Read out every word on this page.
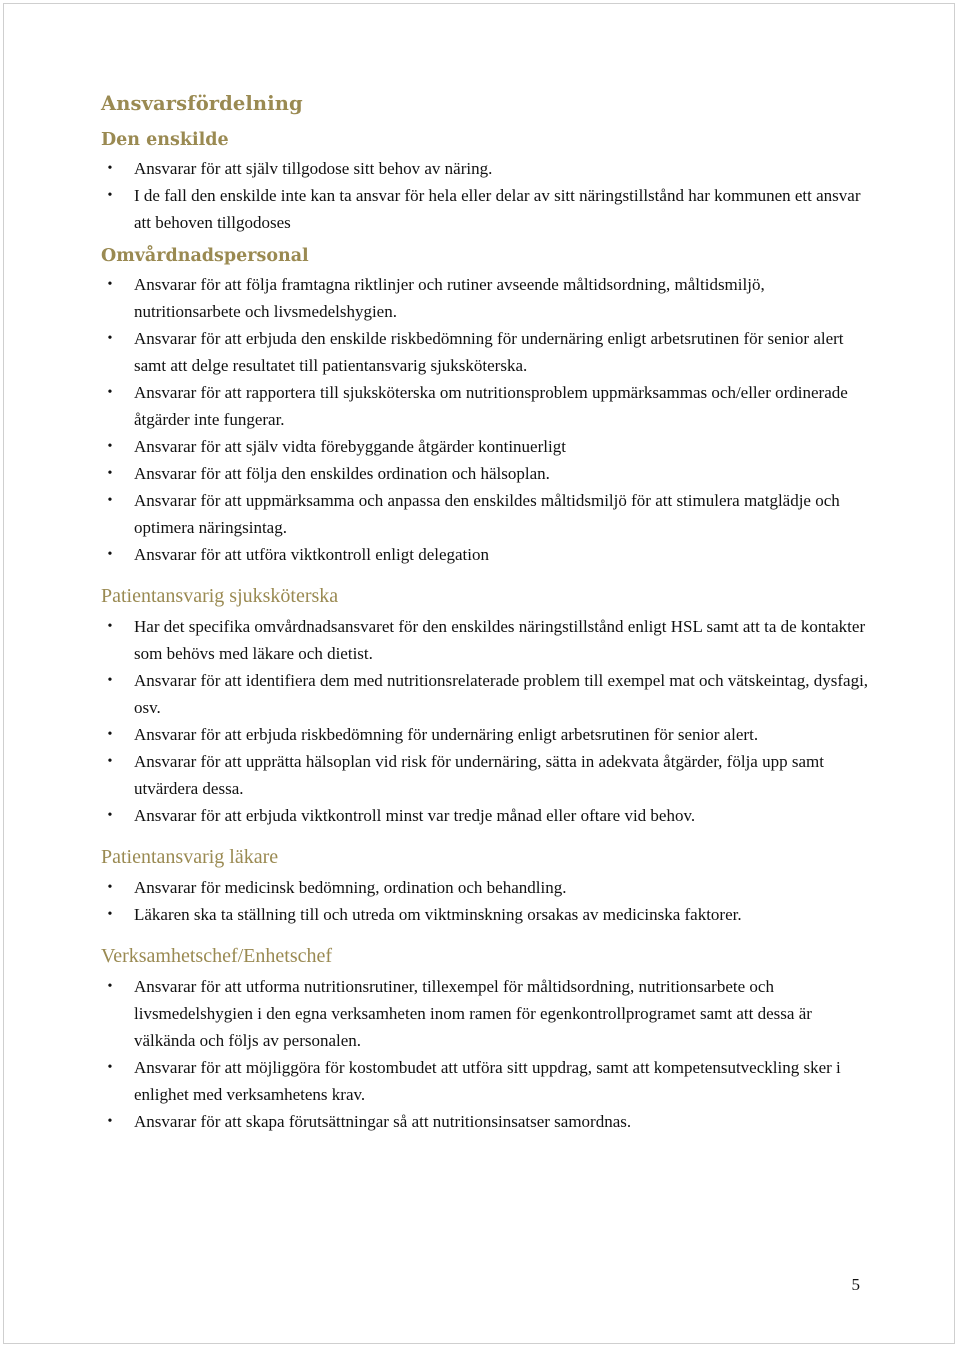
Ansvarsfördelning
Den enskilde
• Ansvarar för att själv tillgodose sitt behov av näring.
• I de fall den enskilde inte kan ta ansvar för hela eller delar av sitt näringstillstånd har kommunen ett ansvar att behoven tillgodoses
Omvårdnadspersonal
• Ansvarar för att följa framtagna riktlinjer och rutiner avseende måltidsordning, måltidsmiljö, nutritionsarbete och livsmedelshygien.
• Ansvarar för att erbjuda den enskilde riskbedömning för undernäring enligt arbetsrutinen för senior alert samt att delge resultatet till patientansvarig sjuksköterska.
• Ansvarar för att rapportera till sjuksköterska om nutritionsproblem uppmärksammas och/eller ordinerade åtgärder inte fungerar.
• Ansvarar för att själv vidta förebyggande åtgärder kontinuerligt
• Ansvarar för att följa den enskildes ordination och hälsoplan.
• Ansvarar för att uppmärksamma och anpassa den enskildes måltidsmiljö för att stimulera matglädje och optimera näringsintag.
• Ansvarar för att utföra viktkontroll enligt delegation
Patientansvarig sjuksköterska
• Har det specifika omvårdnadsansvaret för den enskildes näringstillstånd enligt HSL samt att ta de kontakter som behövs med läkare och dietist.
• Ansvarar för att identifiera dem med nutritionsrelaterade problem till exempel mat och vätskeintag, dysfagi, osv.
• Ansvarar för att erbjuda riskbedömning för undernäring enligt arbetsrutinen för senior alert.
• Ansvarar för att upprätta hälsoplan vid risk för undernäring, sätta in adekvata åtgärder, följa upp samt utvärdera dessa.
• Ansvarar för att erbjuda viktkontroll minst var tredje månad eller oftare vid behov.
Patientansvarig läkare
• Ansvarar för medicinsk bedömning, ordination och behandling.
• Läkaren ska ta ställning till och utreda om viktminskning orsakas av medicinska faktorer.
Verksamhetschef/Enhetschef
• Ansvarar för att utforma nutritionsrutiner, tillexempel för måltidsordning, nutritionsarbete och livsmedelshygien i den egna verksamheten inom ramen för egenkontrollprogramet samt att dessa är välkända och följs av personalen.
• Ansvarar för att möjliggöra för kostombudet att utföra sitt uppdrag, samt att kompetensutveckling sker i enlighet med verksamhetens krav.
• Ansvarar för att skapa förutsättningar så att nutritionsinsatser samordnas.
5
